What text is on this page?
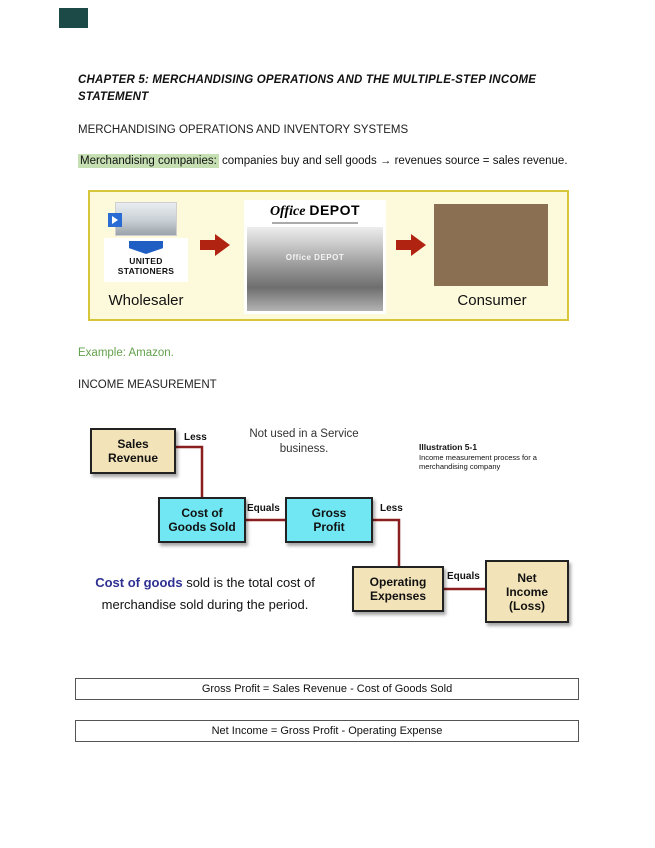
CHAPTER 5: MERCHANDISING OPERATIONS AND THE MULTIPLE-STEP INCOME STATEMENT
MERCHANDISING OPERATIONS AND INVENTORY SYSTEMS

Merchandising companies: companies buy and sell goods → revenues source = sales revenue.

UNITED STATIONERS
Wholesaler
Office DEPOT
Office DEPOT
Consumer

Example: Amazon.

INCOME MEASUREMENT
Sales Revenue
Less	Not used in a Service business.	Illustration 5-1
Income measurement process for a merchandising company
Cost of Goods Sold
Equals	Gross Profit
Less
Operating Expenses
Equals	Net Income (Loss)
Cost of goods sold is the total cost of merchandise sold during the period.
Gross Profit = Sales Revenue - Cost of Goods Sold
Net Income = Gross Profit - Operating Expense
